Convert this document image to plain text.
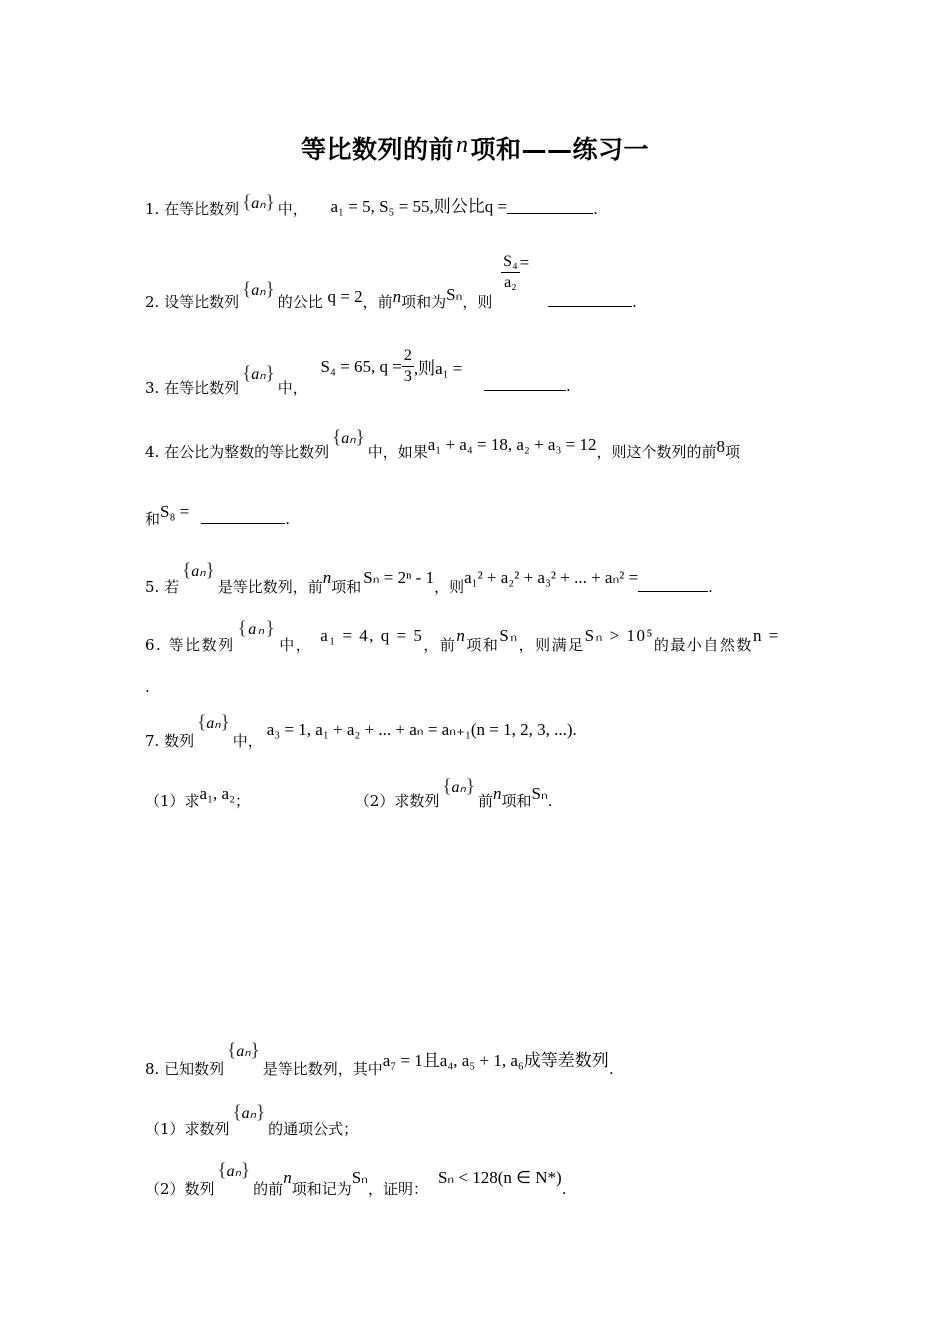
等比数列的前n项和——练习一
1. 在等比数列 {aₙ} 中， a₁ = 5, S₅ = 55,则公比q =	.
2. 设等比数列{aₙ}的公比 q = 2，前n项和为Sₙ，则
$\frac{\text{S₄}}{\text{a₂}}$ = .
3. 在等比数列{aₙ}中， S₄ = 65, $q = \frac{2}{3}$ ,则a₁ =
.
4. 在公比为整数的等比数列{aₙ}中，如果a₁ + a₄ = 18, a₂ + a₃ = 12，则这个数列的前8项
和S₈ =	.
5. 若{aₙ}是等比数列，前n项和 Sₙ = 2ⁿ - 1，则a₁² + a₂² + a₃² + ... + aₙ² =	.
6. 等比数列{aₙ}中， a₁ = 4, q = 5，前n项和Sₙ，则满足Sₙ > 10⁵的最小自然数n =
.
7. 数列{aₙ}中，a₃ = 1, a₁ + a₂ + ... + aₙ = aₙ₊₁(n = 1, 2, 3, ...).
（1）求a₁, a₂；	（2）求数列{aₙ}前n项和Sₙ.
8. 已知数列{aₙ}是等比数列，其中a₇ = 1且a₄, a₅ + 1, a₆成等差数列.
（1）求数列{aₙ}的通项公式；
（2）数列{aₙ}的前n项和记为Sₙ，证明：Sₙ < 128(n ∈ N*).
